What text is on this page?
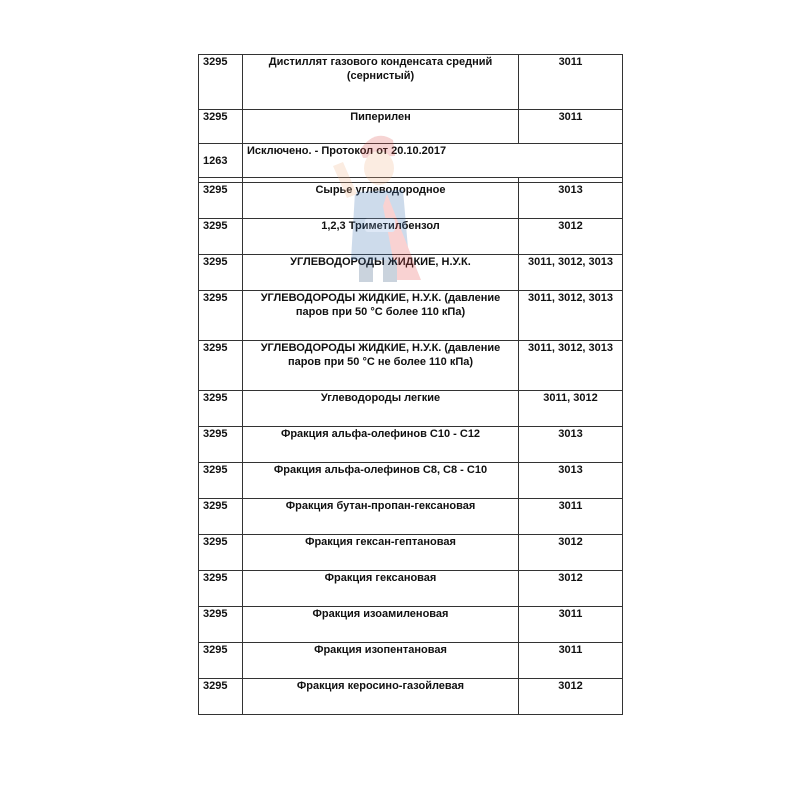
3295	Дистиллят газового конденсата средний (сернистый)	3011
3295	Пиперилен	3011
1263	Исключено. - Протокол от 20.10.2017	

3295	Сырье углеводородное	3013
3295	1,2,3 Триметилбензол	3012
3295	УГЛЕВОДОРОДЫ ЖИДКИЕ, Н.У.К.	3011, 3012, 3013
3295	УГЛЕВОДОРОДЫ ЖИДКИЕ, Н.У.К. (давление паров при 50 °С более 110 кПа)	3011, 3012, 3013
3295	УГЛЕВОДОРОДЫ ЖИДКИЕ, Н.У.К. (давление паров при 50 °С не более 110 кПа)	3011, 3012, 3013
3295	Углеводороды легкие	3011, 3012
3295	Фракция альфа-олефинов С10 - С12	3013
3295	Фракция альфа-олефинов С8, С8 - С10	3013
3295	Фракция бутан-пропан-гексановая	3011
3295	Фракция гексан-гептановая	3012
3295	Фракция гексановая	3012
3295	Фракция изоамиленовая	3011
3295	Фракция изопентановая	3011
3295	Фракция керосино-газойлевая	3012
